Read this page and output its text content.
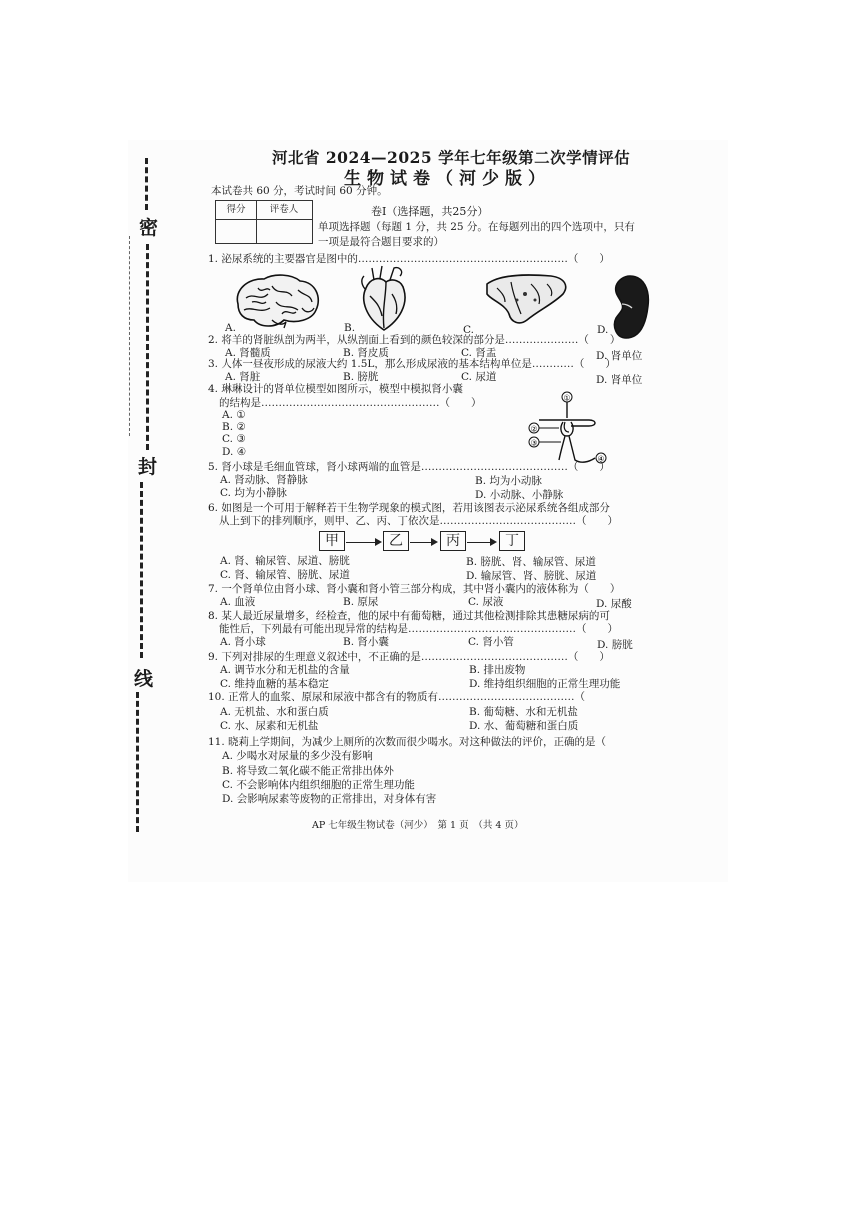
密
封
线
河北省 2024—2025 学年七年级第二次学情评估
生物试卷（河少版）
本试卷共 60 分，考试时间 60 分钟。
得分	评卷人	卷Ⅰ（选择题，共25分）
单项选择题（每题 1 分，共 25 分。在每题列出的四个选项中，只有
一项是最符合题目要求的）
1. 泌尿系统的主要器官是图中的……………………………………………………（　　）
A.	B.	C.	D.
2. 将羊的肾脏纵剖为两半，从纵剖面上看到的颜色较深的部分是…………………（　　）
A. 肾髓质	B. 肾皮质	C. 肾盂	D. 肾单位
3. 人体一昼夜形成的尿液大约 1.5L，那么形成尿液的基本结构单位是…………（　　）
A. 肾脏	B. 膀胱	C. 尿道	D. 肾单位
4. 琳琳设计的肾单位模型如图所示，模型中模拟肾小囊
的结构是……………………………………………（　　）
A. ①
B. ②
C. ③
D. ④
①
②
③
④
5. 肾小球是毛细血管球，肾小球两端的血管是……………………………………（　　）
A. 肾动脉、肾静脉	B. 均为小动脉
C. 均为小静脉	D. 小动脉、小静脉
6. 如图是一个可用于解释若干生物学现象的模式图，若用该图表示泌尿系统各组成部分
从上到下的排列顺序，则甲、乙、丙、丁依次是…………………………………（　　）
甲	乙	丙	丁
A. 肾、输尿管、尿道、膀胱	B. 膀胱、肾、输尿管、尿道
C. 肾、输尿管、膀胱、尿道	D. 输尿管、肾、膀胱、尿道
7. 一个肾单位由肾小球、肾小囊和肾小管三部分构成，其中肾小囊内的液体称为（　　）
A. 血液	B. 原尿	C. 尿液	D. 尿酸
8. 某人最近尿量增多，经检查，他的尿中有葡萄糖，通过其他检测排除其患糖尿病的可
能性后，下列最有可能出现异常的结构是…………………………………………（　　）
A. 肾小球	B. 肾小囊	C. 肾小管	D. 膀胱
9. 下列对排尿的生理意义叙述中，不正确的是……………………………………（　　）
A. 调节水分和无机盐的含量	B. 排出废物
C. 维持血糖的基本稳定	D. 维持组织细胞的正常生理功能
10. 正常人的血浆、原尿和尿液中都含有的物质有…………………………………（
A. 无机盐、水和蛋白质	B. 葡萄糖、水和无机盐
C. 水、尿素和无机盐	D. 水、葡萄糖和蛋白质
11. 晓莉上学期间，为减少上厕所的次数而很少喝水。对这种做法的评价，正确的是（
A. 少喝水对尿量的多少没有影响
B. 将导致二氧化碳不能正常排出体外
C. 不会影响体内组织细胞的正常生理功能
D. 会影响尿素等废物的正常排出，对身体有害
AP 七年级生物试卷（河少）　第 1 页　（共 4 页）
